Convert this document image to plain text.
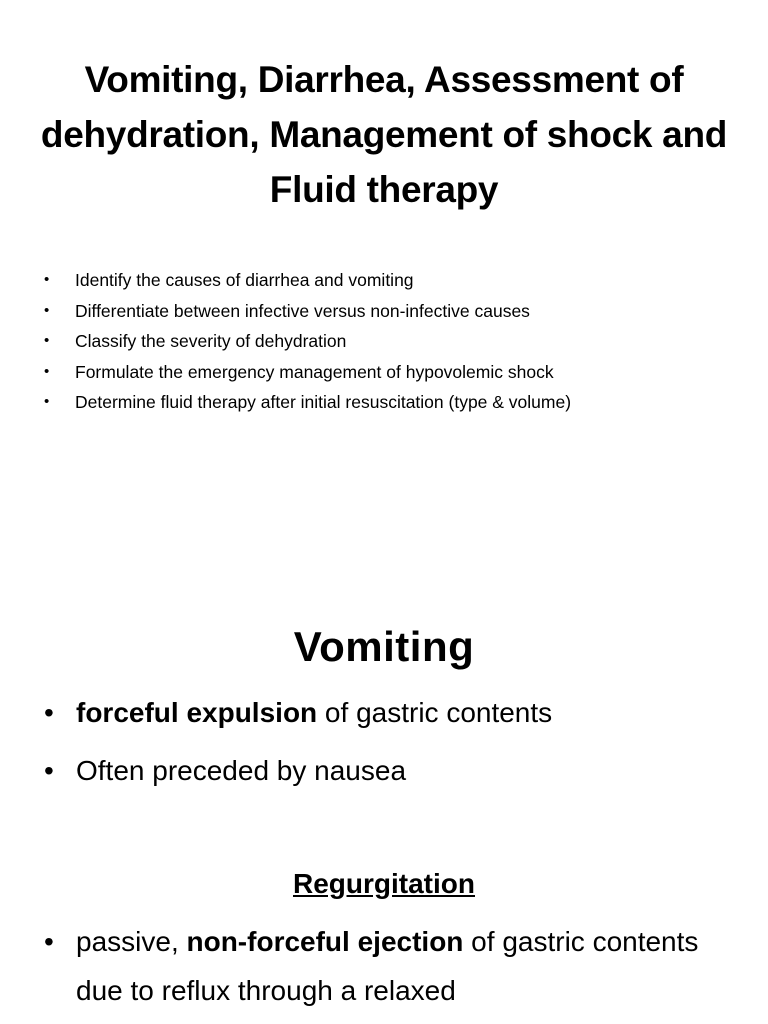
Vomiting, Diarrhea, Assessment of dehydration, Management of shock and Fluid therapy
• Identify the causes of diarrhea and vomiting
• Differentiate between infective versus non-infective causes
• Classify the severity of dehydration
• Formulate the emergency management of hypovolemic shock
• Determine fluid therapy after initial resuscitation (type & volume)
Vomiting
• forceful expulsion of gastric contents
• Often preceded by nausea
Regurgitation
• passive, non-forceful ejection of gastric contents due to reflux through a relaxed
